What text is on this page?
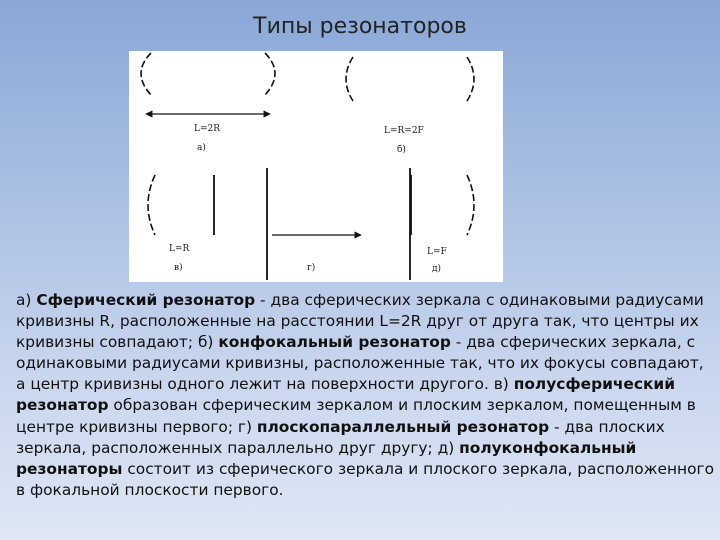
Типы резонаторов
L=2R
а)
L=R=2F
б)
L=R
в)	г)
L=F
д)
а) Сферический резонатор - два сферических зеркала с одинаковыми радиусами кривизны R, расположенные на расстоянии L=2R друг от друга так, что центры их кривизны совпадают; б) конфокальный резонатор - два сферических зеркала, с одинаковыми радиусами кривизны, расположенные так, что их фокусы совпадают, а центр кривизны одного лежит на поверхности другого. в) полусферический резонатор образован сферическим зеркалом и плоским зеркалом, помещенным в центре кривизны первого; г) плоскопараллельный резонатор - два плоских зеркала, расположенных параллельно друг другу; д) полуконфокальный резонаторы состоит из сферического зеркала и плоского зеркала, расположенного в фокальной плоскости первого.
